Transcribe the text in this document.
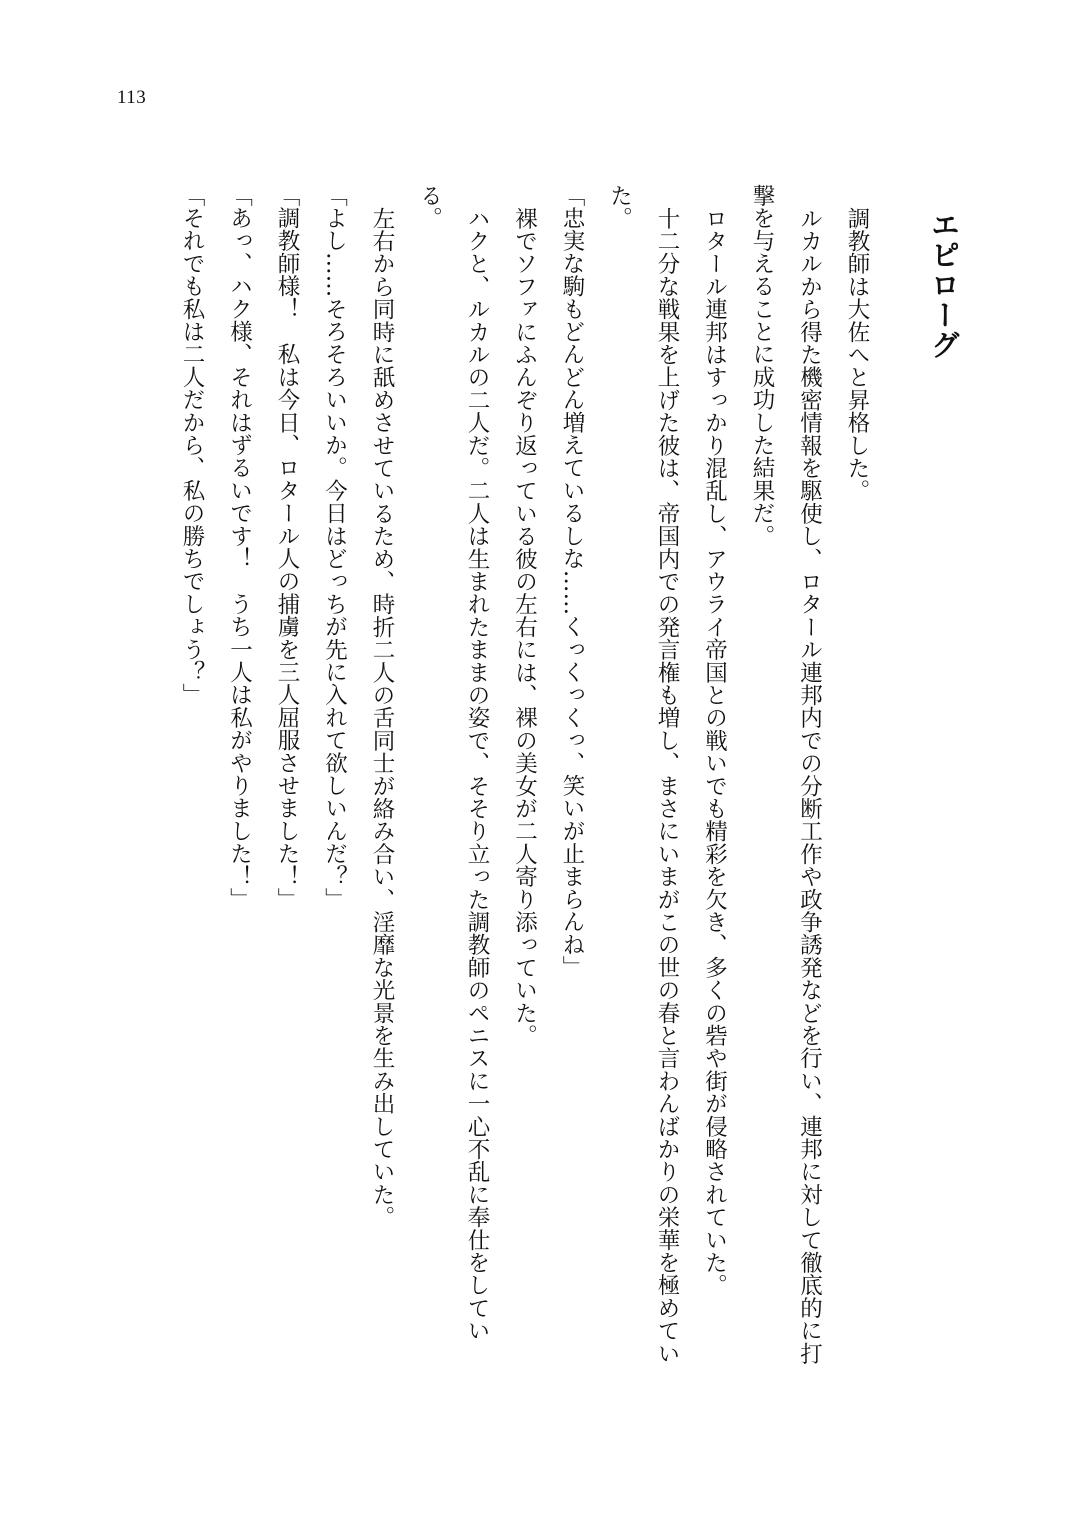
113
エピローグ

調教師は大佐へと昇格した。

ルカルから得た機密情報を駆使し、ロタール連邦内での分断工作や政争誘発などを行い、連邦に対して徹底的に打撃を与えることに成功した結果だ。

ロタール連邦はすっかり混乱し、アウライ帝国との戦いでも精彩を欠き、多くの砦や街が侵略されていた。

十二分な戦果を上げた彼は、帝国内での発言権も増し、まさにいまがこの世の春と言わんばかりの栄華を極めていた。

「忠実な駒もどんどん増えているしな……くっくっくっ、笑いが止まらんね」

裸でソファにふんぞり返っている彼の左右には、裸の美女が二人寄り添っていた。

ハクと、ルカルの二人だ。二人は生まれたままの姿で、そそり立った調教師のペニスに一心不乱に奉仕をしている。

左右から同時に舐めさせているため、時折二人の舌同士が絡み合い、淫靡な光景を生み出していた。

「よし……そろそろいいか。今日はどっちが先に入れて欲しいんだ？」

「調教師様！　私は今日、ロタール人の捕虜を三人屈服させました！」

「あっ、ハク様、それはずるいです！　うち一人は私がやりました！」

「それでも私は二人だから、私の勝ちでしょう？」
